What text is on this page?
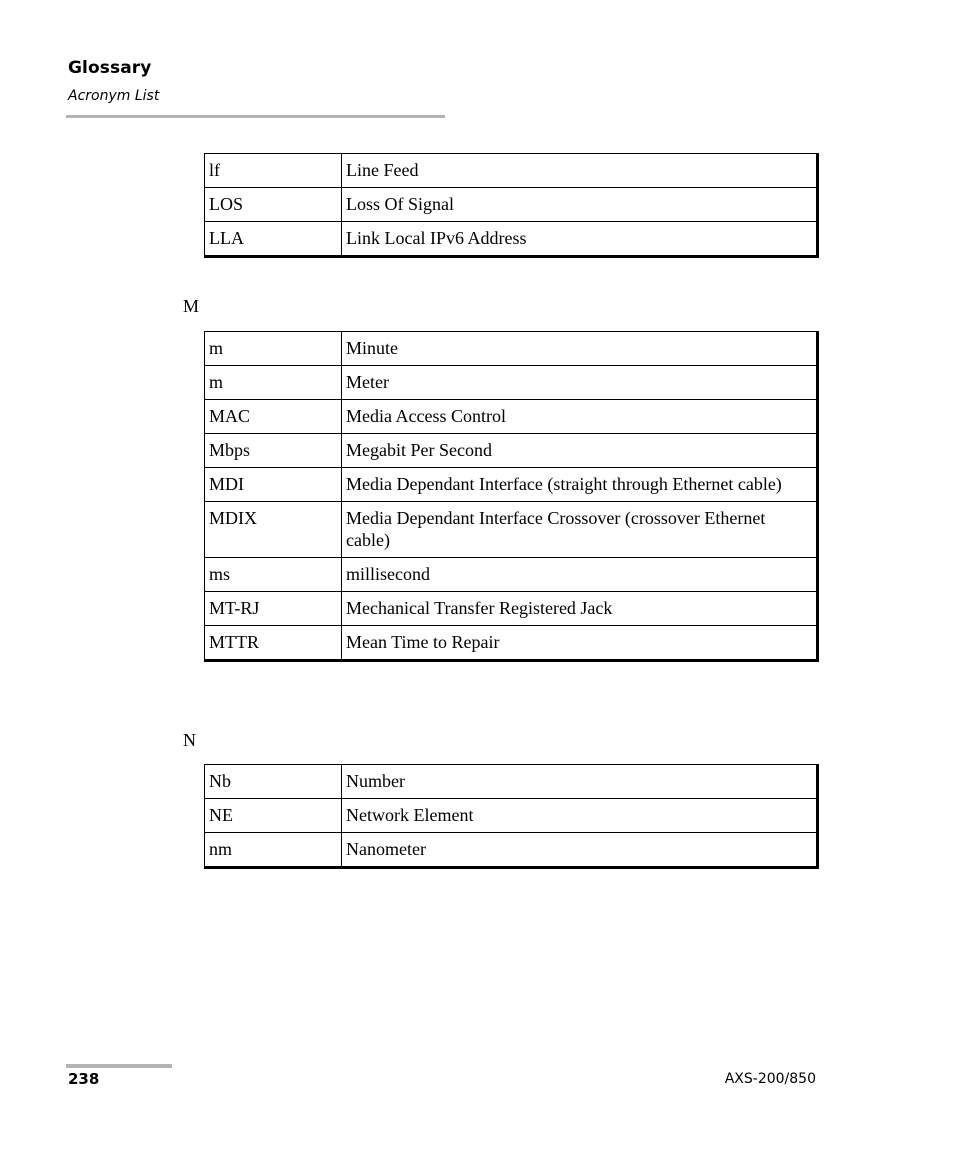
Glossary
Acronym List
lf	Line Feed
LOS	Loss Of Signal
LLA	Link Local IPv6 Address
M
m	Minute
m	Meter
MAC	Media Access Control
Mbps	Megabit Per Second
MDI	Media Dependant Interface (straight through Ethernet cable)
MDIX	Media Dependant Interface Crossover (crossover Ethernet cable)
ms	millisecond
MT-RJ	Mechanical Transfer Registered Jack
MTTR	Mean Time to Repair
N
Nb	Number
NE	Network Element
nm	Nanometer
238	AXS-200/850
